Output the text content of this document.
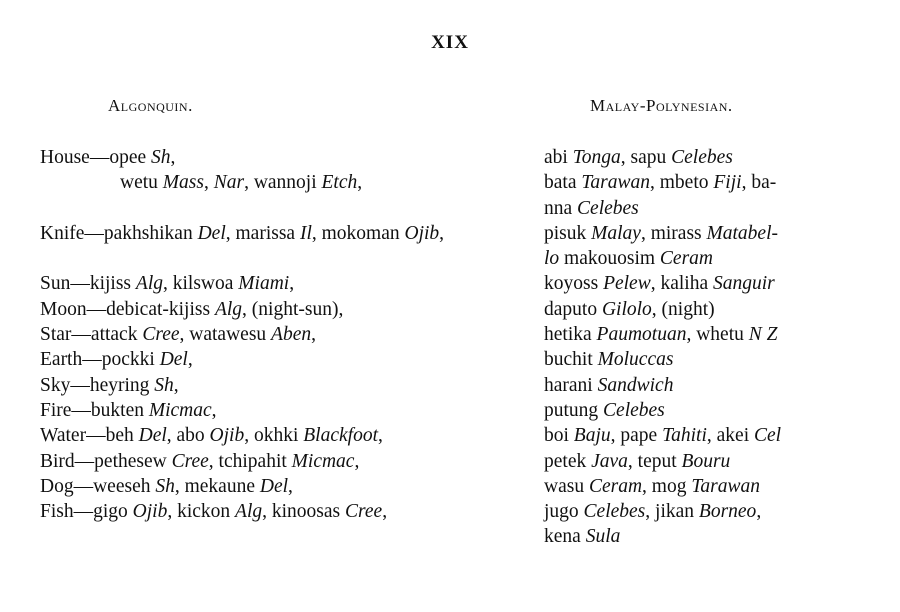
XIX
Algonquin.	Malay-Polynesian.
House—opee Sh,
wetu Mass, Nar, wannoji Etch,
Knife—pakhshikan Del, marissa Il, mokoman Ojib,
Sun—kijiss Alg, kilswoa Miami,
Moon—debicat-kijiss Alg, (night-sun),
Star—attack Cree, watawesu Aben,
Earth—pockki Del,
Sky—heyring Sh,
Fire—bukten Micmac,
Water—beh Del, abo Ojib, okhki Blackfoot,
Bird—pethesew Cree, tchipahit Micmac,
Dog—weeseh Sh, mekaune Del,
Fish—gigo Ojib, kickon Alg, kinoosas Cree,
abi Tonga, sapu Celebes
bata Tarawan, mbeto Fiji, ba-
nna Celebes
pisuk Malay, mirass Matabel-
lo makouosim Ceram
koyoss Pelew, kaliha Sanguir
daputo Gilolo, (night)
hetika Paumotuan, whetu N Z
buchit Moluccas
harani Sandwich
putung Celebes
boi Baju, pape Tahiti, akei Cel
petek Java, teput Bouru
wasu Ceram, mog Tarawan
jugo Celebes, jikan Borneo,
kena Sula
